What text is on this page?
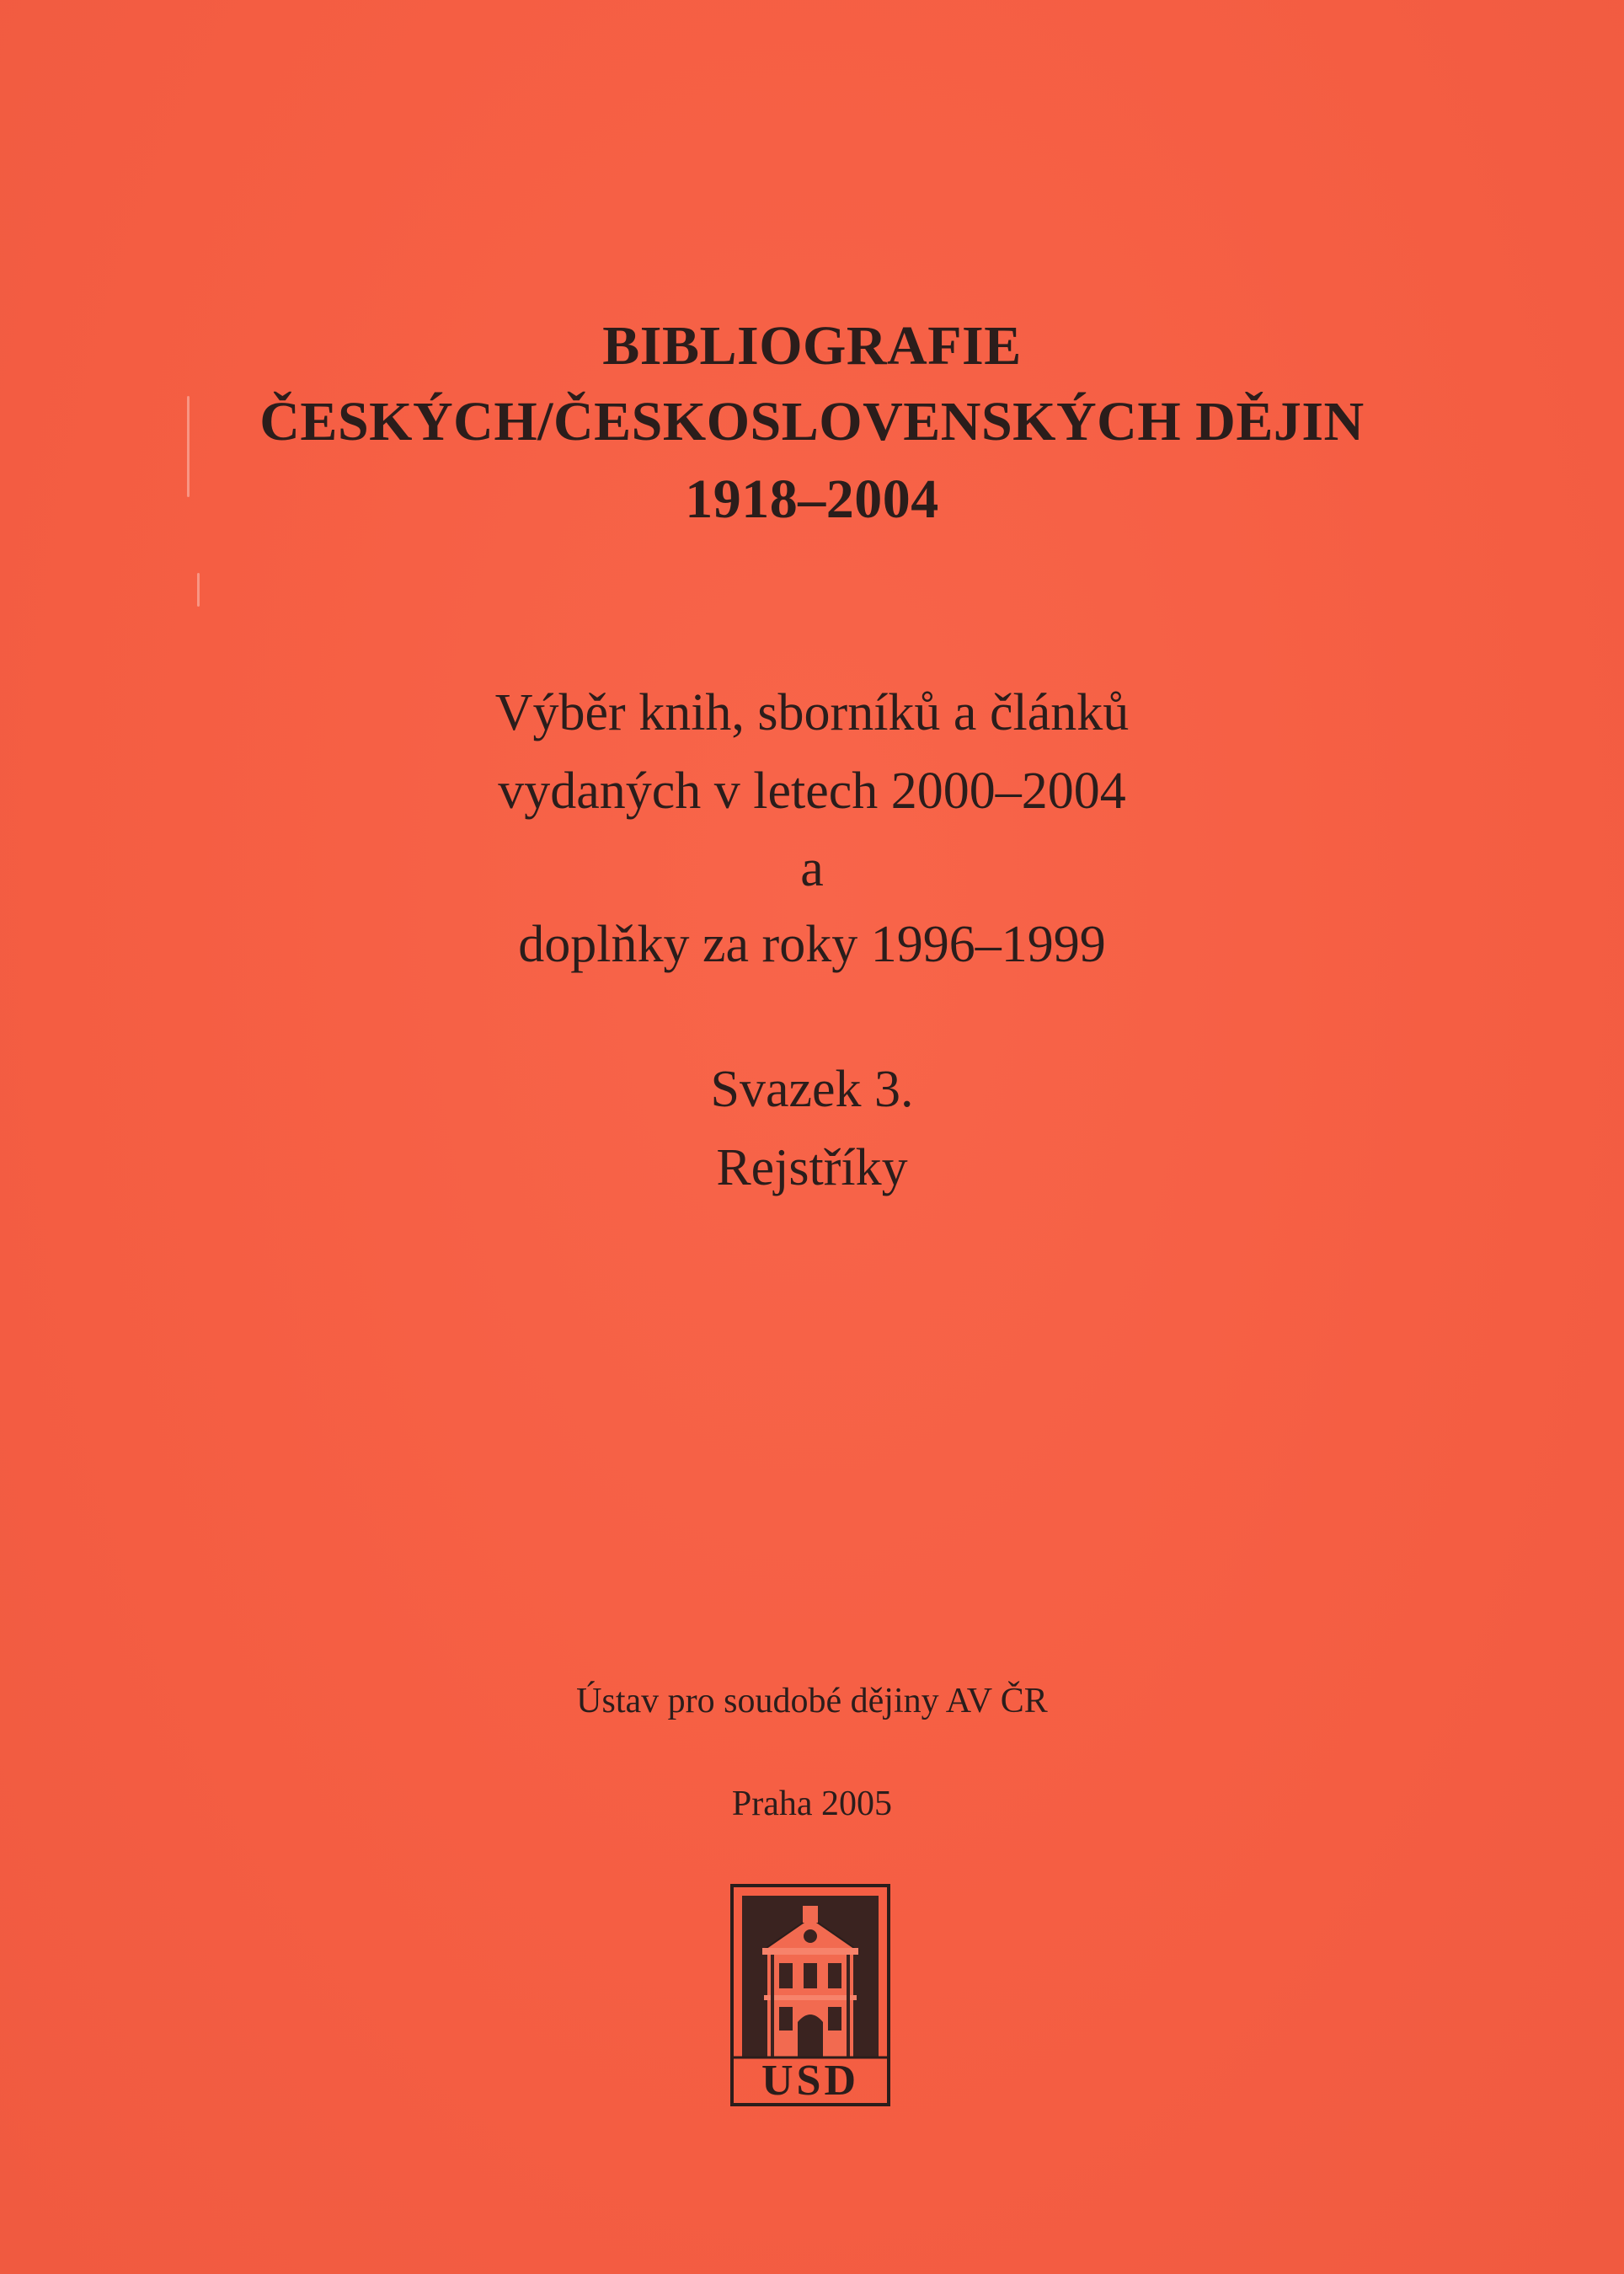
BIBLIOGRAFIE
ČESKÝCH/ČESKOSLOVENSKÝCH DĚJIN
1918–2004
Výběr knih, sborníků a článků
vydaných v letech 2000–2004
a
doplňky za roky 1996–1999
Svazek 3.
Rejstříky
Ústav pro soudobé dějiny AV ČR
Praha 2005
USD
